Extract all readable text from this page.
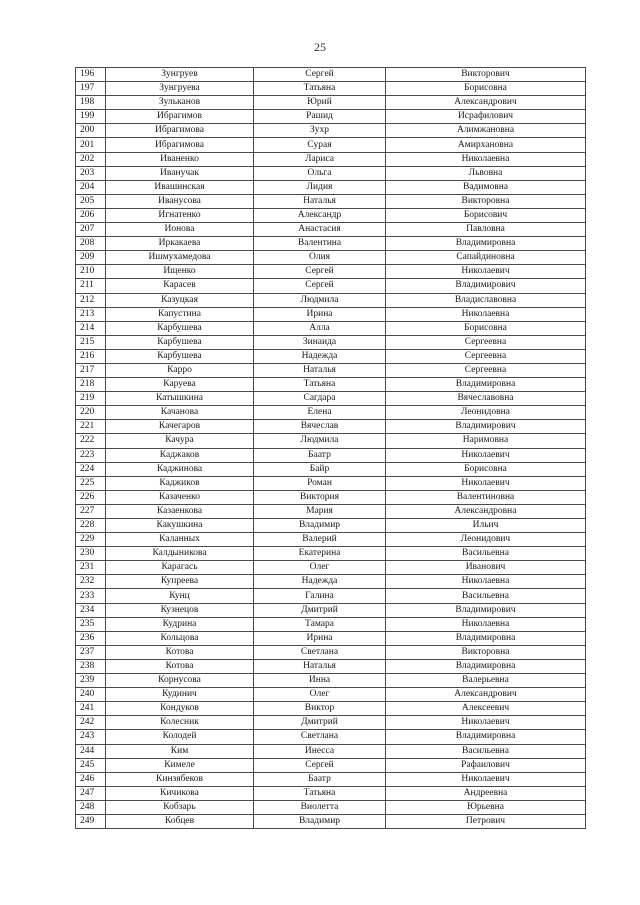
25
196	Зунгруев	Сергей	Викторович
197	Зунгруева	Татьяна	Борисовна
198	Зульканов	Юрий	Александрович
199	Ибрагимов	Рашид	Исрафилович
200	Ибрагимова	Зухр	Алимжановна
201	Ибрагимова	Сурая	Амирхановна
202	Иваненко	Лариса	Николаевна
203	Иванучак	Ольга	Львовна
204	Ивашинская	Лидия	Вадимовна
205	Иванусова	Наталья	Викторовна
206	Игнатенко	Александр	Борисович
207	Ионова	Анастасия	Павловна
208	Иркакаева	Валентина	Владимировна
209	Ишмухамедова	Олия	Сапайдиновна
210	Ищенко	Сергей	Николаевич
211	Карасев	Сергей	Владимирович
212	Казуцкая	Людмила	Владиславовна
213	Капустина	Ирина	Николаевна
214	Карбушева	Алла	Борисовна
215	Карбушева	Зинаида	Сергеевна
216	Карбушева	Надежда	Сергеевна
217	Карро	Наталья	Сергеевна
218	Каруева	Татьяна	Владимировна
219	Катышкина	Сагдара	Вячеславовна
220	Качанова	Елена	Леонидовна
221	Качегаров	Вячеслав	Владимирович
222	Качура	Людмила	Наримовна
223	Каджаков	Баатр	Николаевич
224	Каджинова	Байр	Борисовна
225	Каджиков	Роман	Николаевич
226	Казаченко	Виктория	Валентиновна
227	Казаенкова	Мария	Александровна
228	Какушкина	Владимир	Ильич
229	Каланных	Валерий	Леонидович
230	Калдыникова	Екатерина	Васильевна
231	Карагась	Олег	Иванович
232	Купреева	Надежда	Николаевна
233	Кунц	Галина	Васильевна
234	Кузнецов	Дмитрий	Владимирович
235	Кудрина	Тамара	Николаевна
236	Кольцова	Ирина	Владимировна
237	Котова	Светлана	Викторовна
238	Котова	Наталья	Владимировна
239	Корнусова	Инна	Валерьевна
240	Кудинич	Олег	Александрович
241	Кондуков	Виктор	Алексеевич
242	Колесник	Дмитрий	Николаевич
243	Колодей	Светлана	Владимировна
244	Ким	Инесса	Васильевна
245	Кимеле	Сергей	Рафаилович
246	Кинзябеков	Баатр	Николаевич
247	Кичикова	Татьяна	Андреевна
248	Кобзарь	Виолетта	Юрьевна
249	Кобцев	Владимир	Петрович
